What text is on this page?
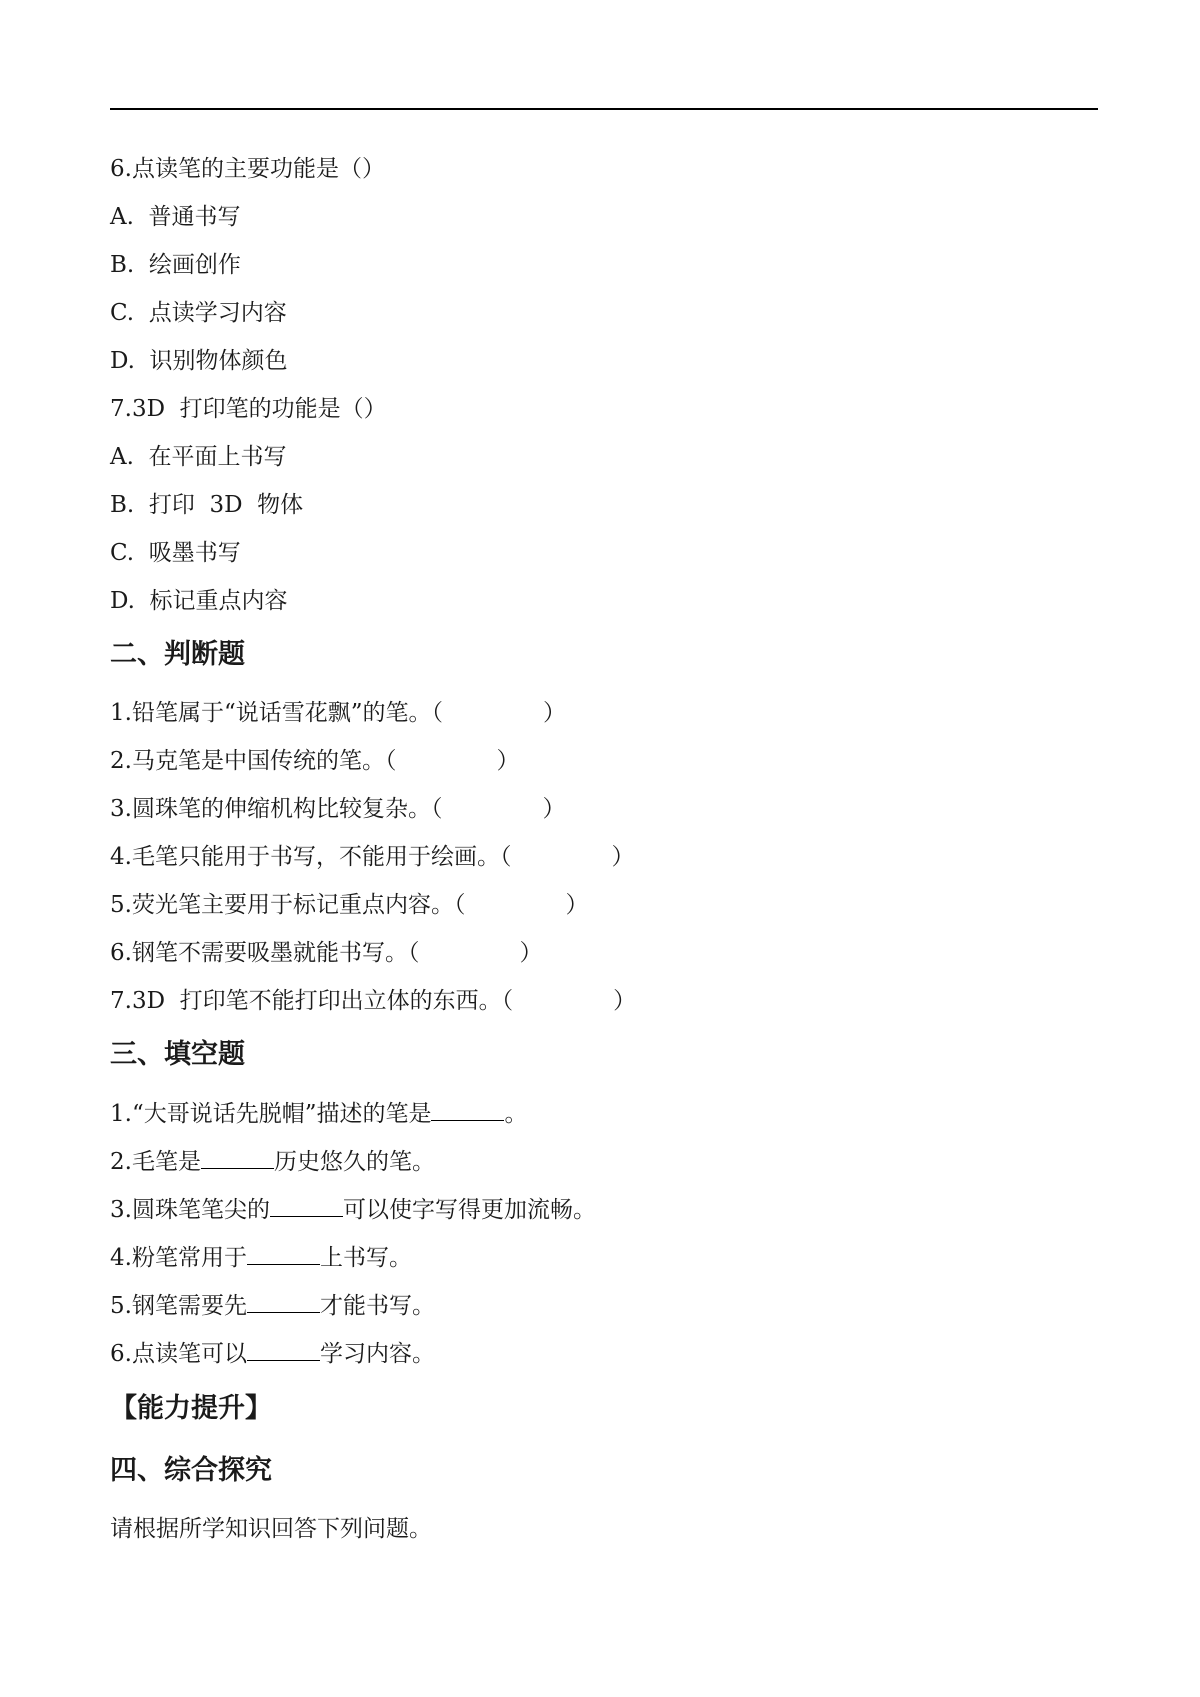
6.点读笔的主要功能是（）
A.  普通书写
B.  绘画创作
C.  点读学习内容
D.  识别物体颜色
7.3D  打印笔的功能是（）
A.  在平面上书写
B.  打印  3D  物体
C.  吸墨书写
D.  标记重点内容
二、判断题
1.铅笔属于“说话雪花飘”的笔。（	）
2.马克笔是中国传统的笔。（	）
3.圆珠笔的伸缩机构比较复杂。（	）
4.毛笔只能用于书写，不能用于绘画。（	）
5.荧光笔主要用于标记重点内容。（	）
6.钢笔不需要吸墨就能书写。（	）
7.3D  打印笔不能打印出立体的东西。（	）
三、填空题
1.“大哥说话先脱帽”描述的笔是	。
2.毛笔是	历史悠久的笔。
3.圆珠笔笔尖的	可以使字写得更加流畅。
4.粉笔常用于	上书写。
5.钢笔需要先	才能书写。
6.点读笔可以	学习内容。
【能力提升】
四、综合探究
请根据所学知识回答下列问题。
